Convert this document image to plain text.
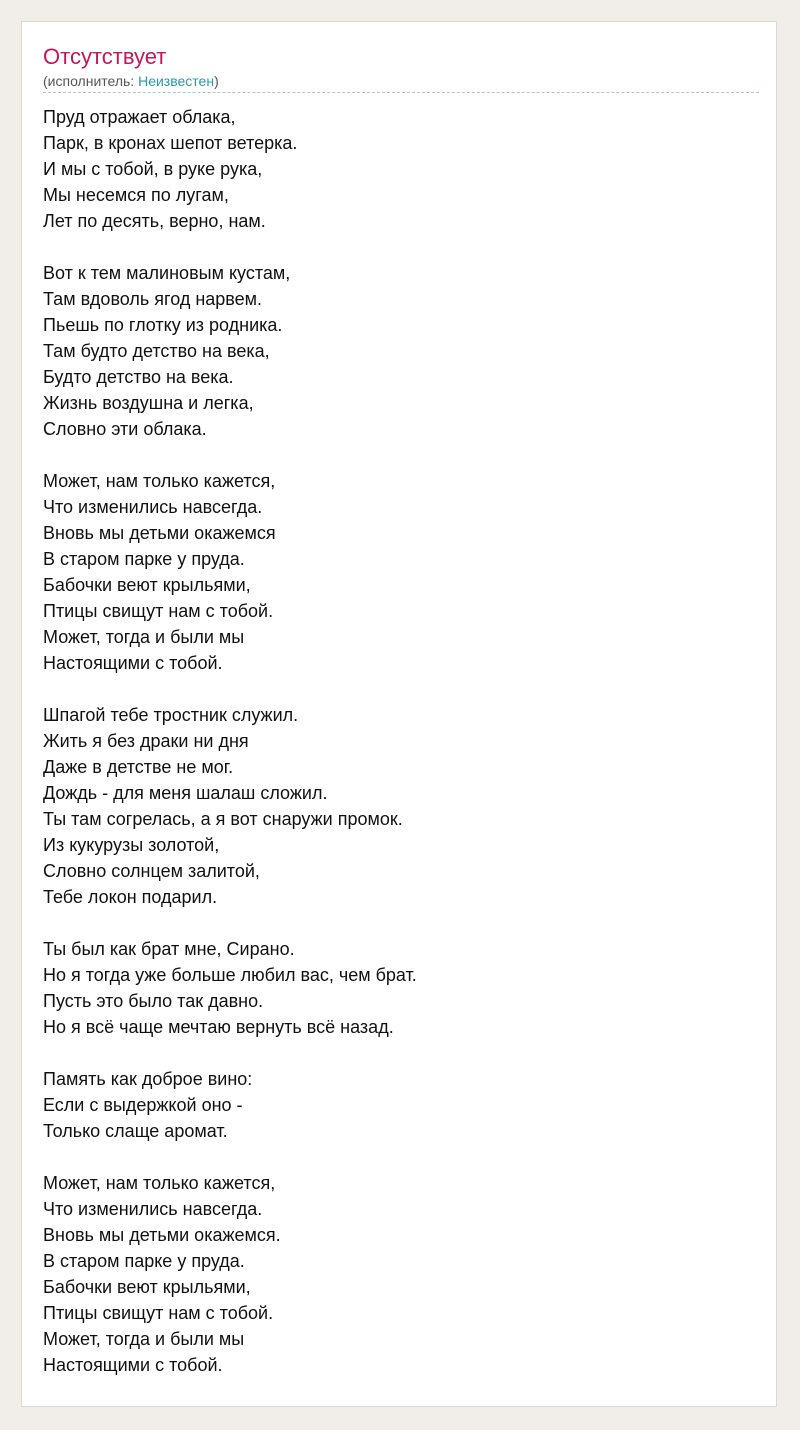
Отсутствует
(исполнитель: Неизвестен)
Пруд отражает облака,
Парк, в кронах шепот ветерка.
И мы с тобой, в руке рука,
Мы несемся по лугам,
Лет по десять, верно, нам.
Вот к тем малиновым кустам,
Там вдоволь ягод нарвем.
Пьешь по глотку из родника.
Там будто детство на века,
Будто детство на века.
Жизнь воздушна и легка,
Словно эти облака.
Может, нам только кажется,
Что изменились навсегда.
Вновь мы детьми окажемся
В старом парке у пруда.
Бабочки веют крыльями,
Птицы свищут нам с тобой.
Может, тогда и были мы
Настоящими с тобой.
Шпагой тебе тростник служил.
Жить я без драки ни дня
Даже в детстве не мог.
Дождь - для меня шалаш сложил.
Ты там согрелась, а я вот снаружи промок.
Из кукурузы золотой,
Словно солнцем залитой,
Тебе локон подарил.
Ты был как брат мне, Сирано.
Но я тогда уже больше любил вас, чем брат.
Пусть это было так давно.
Но я всё чаще мечтаю вернуть всё назад.
Память как доброе вино:
Если с выдержкой оно -
Только слаще аромат.
Может, нам только кажется,
Что изменились навсегда.
Вновь мы детьми окажемся.
В старом парке у пруда.
Бабочки веют крыльями,
Птицы свищут нам с тобой.
Может, тогда и были мы
Настоящими с тобой.
